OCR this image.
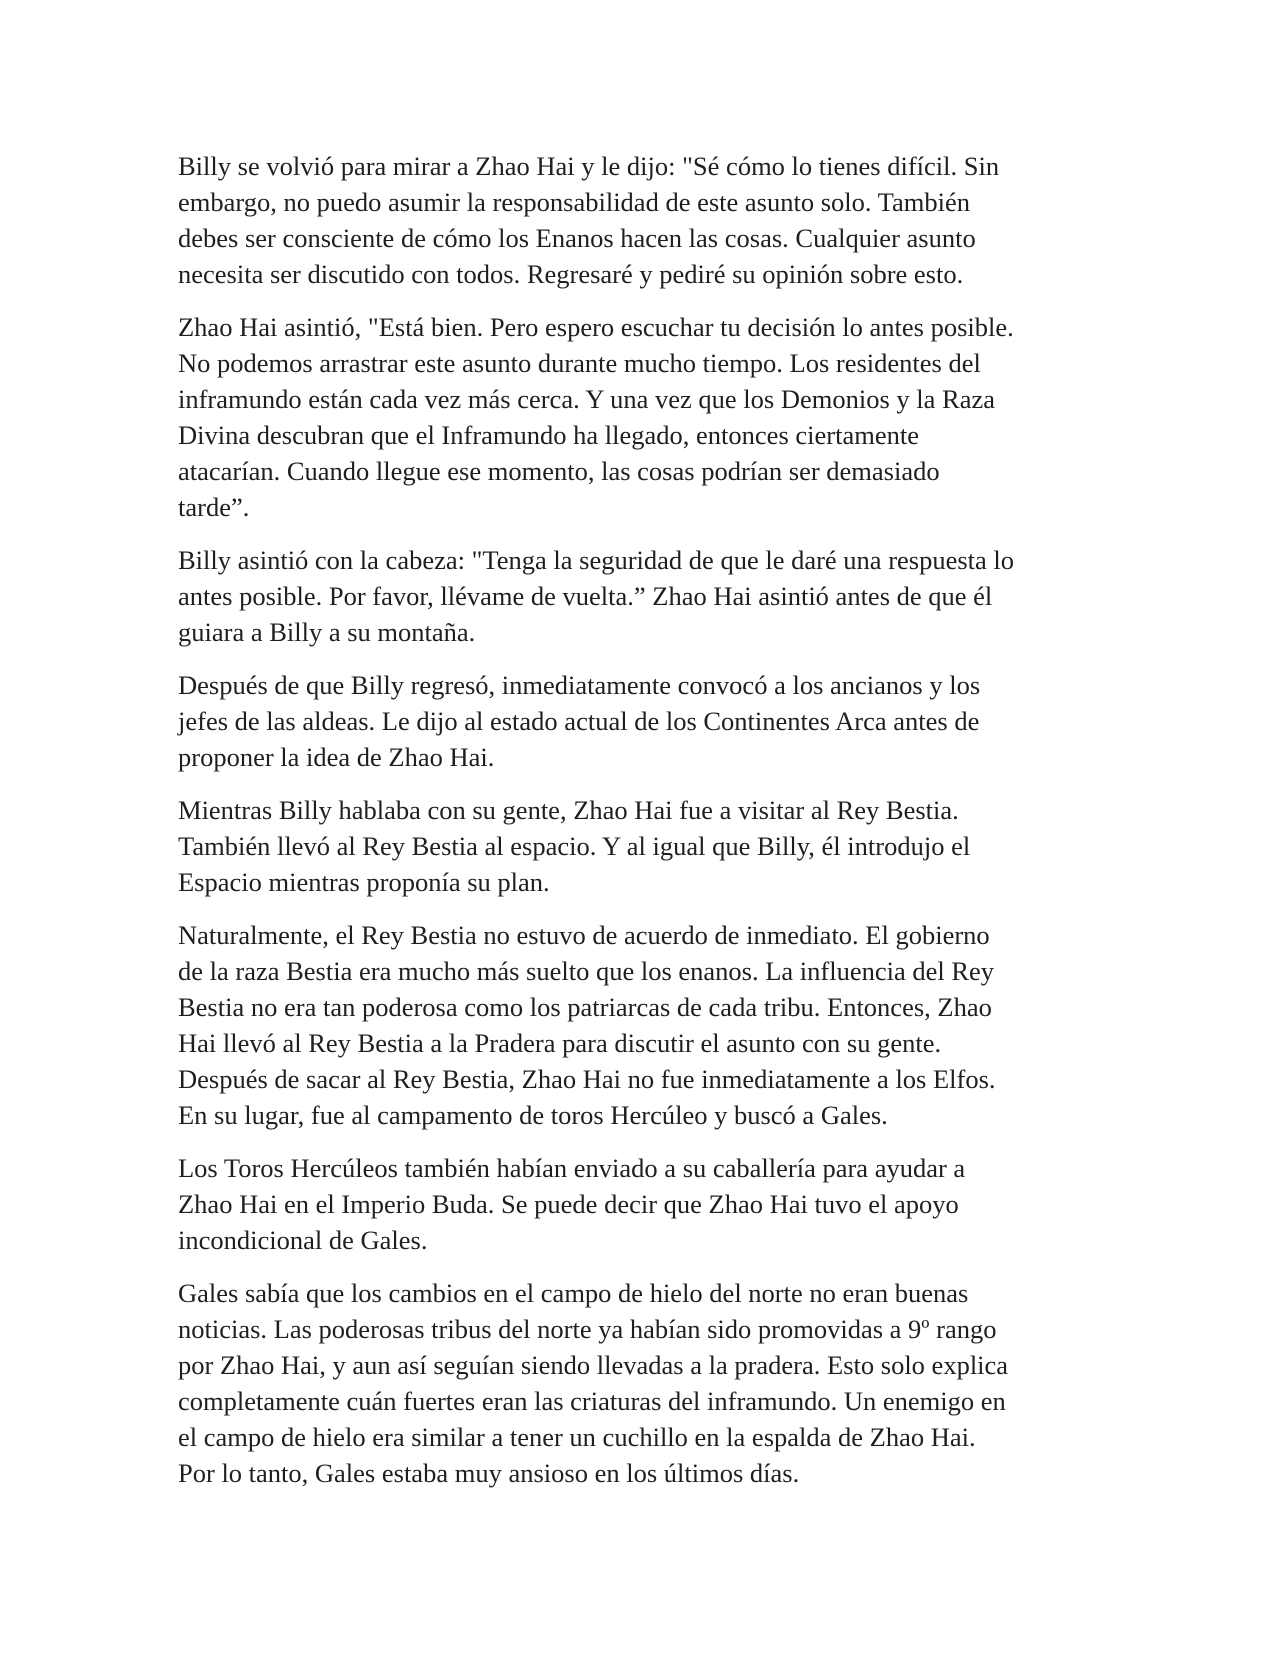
Billy se volvió para mirar a Zhao Hai y le dijo: "Sé cómo lo tienes difícil. Sin
embargo, no puedo asumir la responsabilidad de este asunto solo. También
debes ser consciente de cómo los Enanos hacen las cosas. Cualquier asunto
necesita ser discutido con todos. Regresaré y pediré su opinión sobre esto.

Zhao Hai asintió, "Está bien. Pero espero escuchar tu decisión lo antes posible.
No podemos arrastrar este asunto durante mucho tiempo. Los residentes del
inframundo están cada vez más cerca. Y una vez que los Demonios y la Raza
Divina descubran que el Inframundo ha llegado, entonces ciertamente
atacarían. Cuando llegue ese momento, las cosas podrían ser demasiado
tarde”.

Billy asintió con la cabeza: "Tenga la seguridad de que le daré una respuesta lo
antes posible. Por favor, llévame de vuelta.” Zhao Hai asintió antes de que él
guiara a Billy a su montaña.

Después de que Billy regresó, inmediatamente convocó a los ancianos y los
jefes de las aldeas. Le dijo al estado actual de los Continentes Arca antes de
proponer la idea de Zhao Hai.

Mientras Billy hablaba con su gente, Zhao Hai fue a visitar al Rey Bestia.
También llevó al Rey Bestia al espacio. Y al igual que Billy, él introdujo el
Espacio mientras proponía su plan.

Naturalmente, el Rey Bestia no estuvo de acuerdo de inmediato. El gobierno
de la raza Bestia era mucho más suelto que los enanos. La influencia del Rey
Bestia no era tan poderosa como los patriarcas de cada tribu. Entonces, Zhao
Hai llevó al Rey Bestia a la Pradera para discutir el asunto con su gente.
Después de sacar al Rey Bestia, Zhao Hai no fue inmediatamente a los Elfos.
En su lugar, fue al campamento de toros Hercúleo y buscó a Gales.

Los Toros Hercúleos también habían enviado a su caballería para ayudar a
Zhao Hai en el Imperio Buda. Se puede decir que Zhao Hai tuvo el apoyo
incondicional de Gales.

Gales sabía que los cambios en el campo de hielo del norte no eran buenas
noticias. Las poderosas tribus del norte ya habían sido promovidas a 9º rango
por Zhao Hai, y aun así seguían siendo llevadas a la pradera. Esto solo explica
completamente cuán fuertes eran las criaturas del inframundo. Un enemigo en
el campo de hielo era similar a tener un cuchillo en la espalda de Zhao Hai.
Por lo tanto, Gales estaba muy ansioso en los últimos días.
